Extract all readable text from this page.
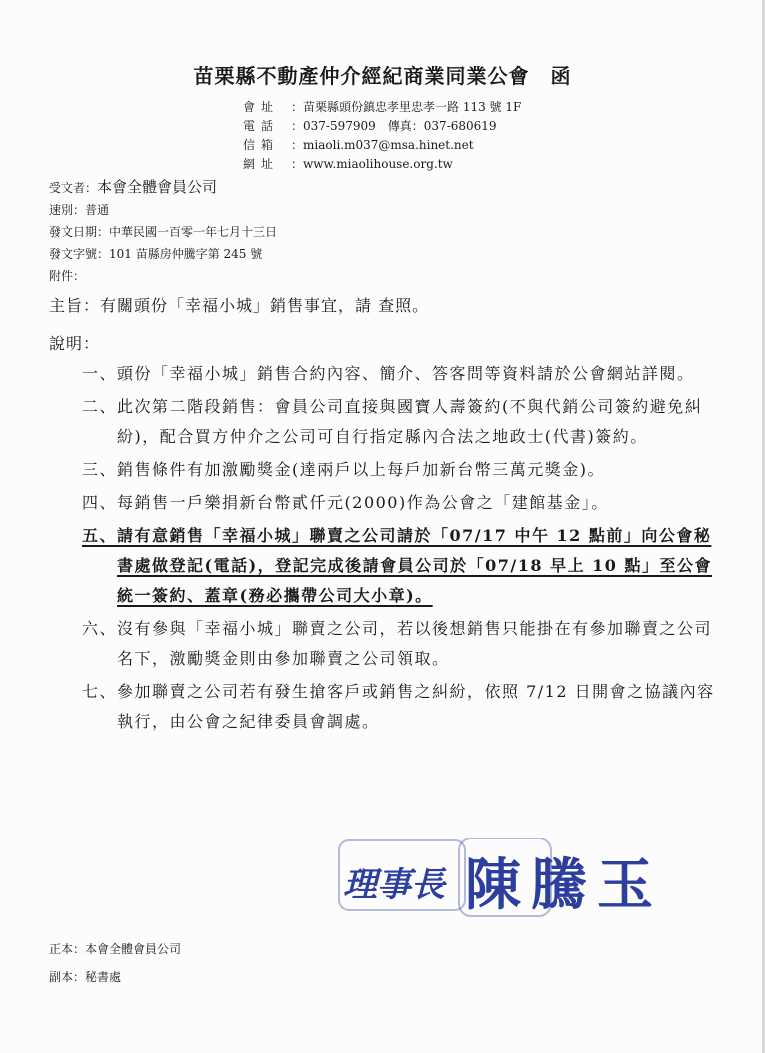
苗栗縣不動產仲介經紀商業同業公會　函
會址 ：苗栗縣頭份鎮忠孝里忠孝一路 113 號 1F
電話 ：037-597909　傳真：037-680619
信箱 ：miaoli.m037@msa.hinet.net
網址 ：www.miaolihouse.org.tw
受文者：本會全體會員公司
速別：普通
發文日期：中華民國一百零一年七月十三日
發文字號：101 苗縣房仲騰字第 245 號
附件：
主旨：有關頭份「幸福小城」銷售事宜，請 查照。
說明：
一、 頭份「幸福小城」銷售合約內容、簡介、答客問等資料請於公會網站詳閱。
二、 此次第二階段銷售：會員公司直接與國寶人壽簽約(不與代銷公司簽約避免糾紛)，配合買方仲介之公司可自行指定縣內合法之地政士(代書)簽約。
三、 銷售條件有加激勵獎金(達兩戶以上每戶加新台幣三萬元獎金)。
四、 每銷售一戶樂捐新台幣貳仟元(2000)作為公會之「建館基金」。
五、 請有意銷售「幸福小城」聯賣之公司請於「07/17 中午 12 點前」向公會秘書處做登記(電話)，登記完成後請會員公司於「07/18 早上 10 點」至公會統一簽約、蓋章(務必攜帶公司大小章)。
六、 沒有參與「幸福小城」聯賣之公司，若以後想銷售只能掛在有參加聯賣之公司名下，激勵獎金則由參加聯賣之公司領取。
七、 參加聯賣之公司若有發生搶客戶或銷售之糾紛，依照 7/12 日開會之協議內容執行，由公會之紀律委員會調處。
理事長 陳騰玉
正本：本會全體會員公司
副本：秘書處
